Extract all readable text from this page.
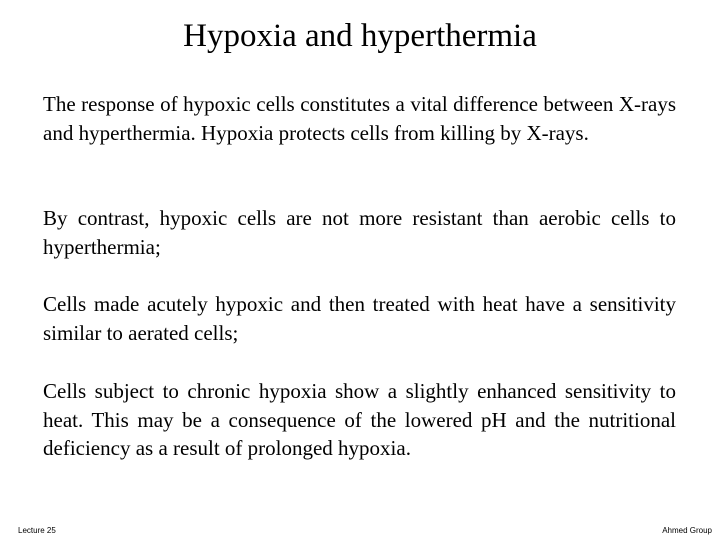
Hypoxia and hyperthermia

The response of hypoxic cells constitutes a vital difference between X-rays and hyperthermia. Hypoxia protects cells from killing by X-rays.

By contrast, hypoxic cells are not more resistant than aerobic cells to hyperthermia;

Cells made acutely hypoxic and then treated with heat have a sensitivity similar to aerated cells;

Cells subject to chronic hypoxia show a slightly enhanced sensitivity to heat. This may be a consequence of the lowered pH and the nutritional deficiency as a result of prolonged hypoxia.

Lecture 25	Ahmed Group
